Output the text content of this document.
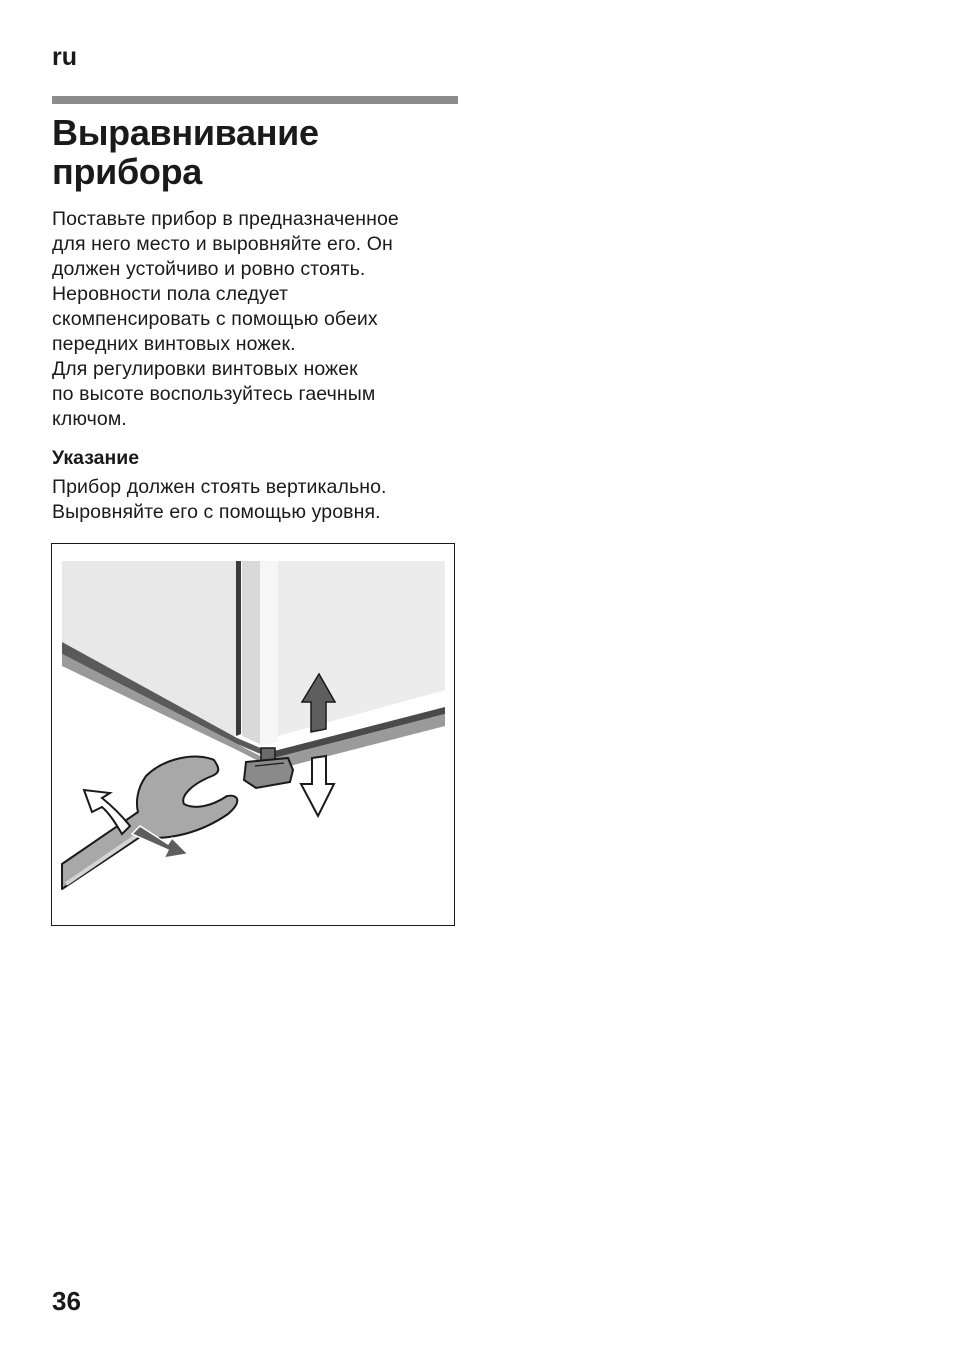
ru
Выравнивание
прибора

Поставьте прибор в предназначенное
для него место и выровняйте его. Он
должен устойчиво и ровно стоять.
Неровности пола следует
скомпенсировать с помощью обеих
передних винтовых ножек.
Для регулировки винтовых ножек
по высоте воспользуйтесь гаечным
ключом.

Указание

Прибор должен стоять вертикально.
Выровняйте его с помощью уровня.

36
